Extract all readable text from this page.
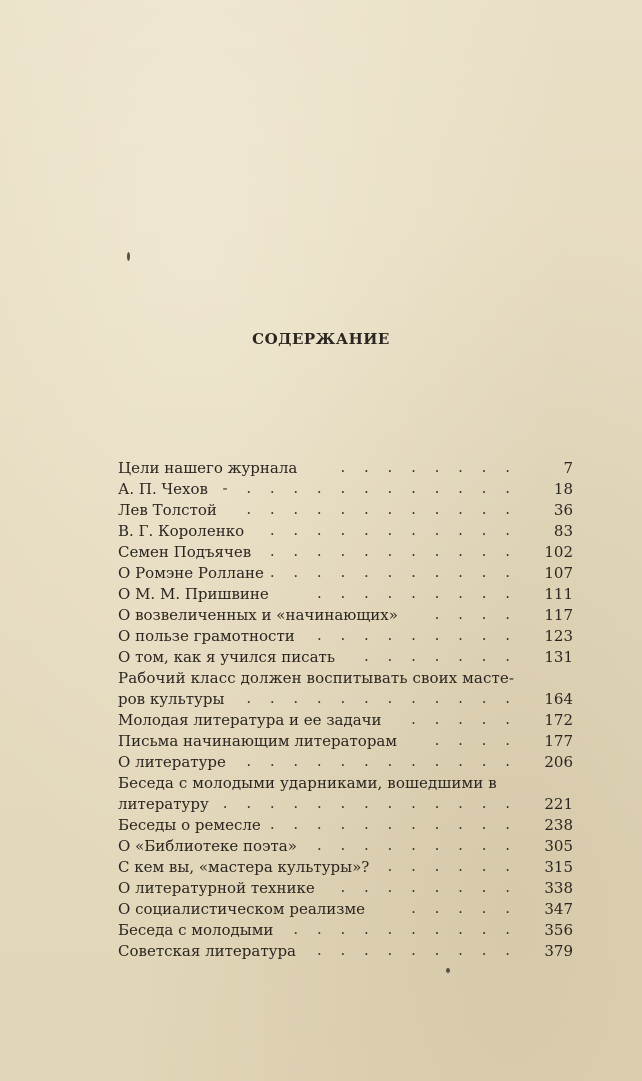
СОДЕРЖАНИЕ
Цели нашего журнала	. . . . . . . .	7
А. П. Чехов - . . . . . . . . . . . .	18
Лев Толстой . . . . . . . . . . . .	36
В. Г. Короленко . . . . . . . . . . .	83
Семен Подъячев . . . . . . . . . . .	102
О Ромэне Роллане . . . . . . . . . . .	107
О М. М. Пришвине	. . . . . . . . .	111
О возвеличенных и «начинающих» . . . .	117
О пользе грамотности . . . . . . . . .	123
О том, как я учился писать . . . . . . .	131
Рабочий класс должен воспитывать своих масте-
ров культуры . . . . . . . . . . . .	164
Молодая литература и ее задачи . . . . .	172
Письма начинающим литераторам	. . . .	177
О литературе . . . . . . . . . . . .	206
Беседа с молодыми ударниками, вошедшими в
литературу . . . . . . . . . . . . .	221
Беседы о ремесле . . . . . . . . . . .	238
О «Библиотеке поэта» . . . . . . . . .	305
С кем вы, «мастера культуры»? . . . . . .	315
О литературной технике . . . . . . . .	338
О социалистическом реализме	. . . . .	347
Беседа с молодыми . . . . . . . . . .	356
Советская литература . . . . . . . . .	379
